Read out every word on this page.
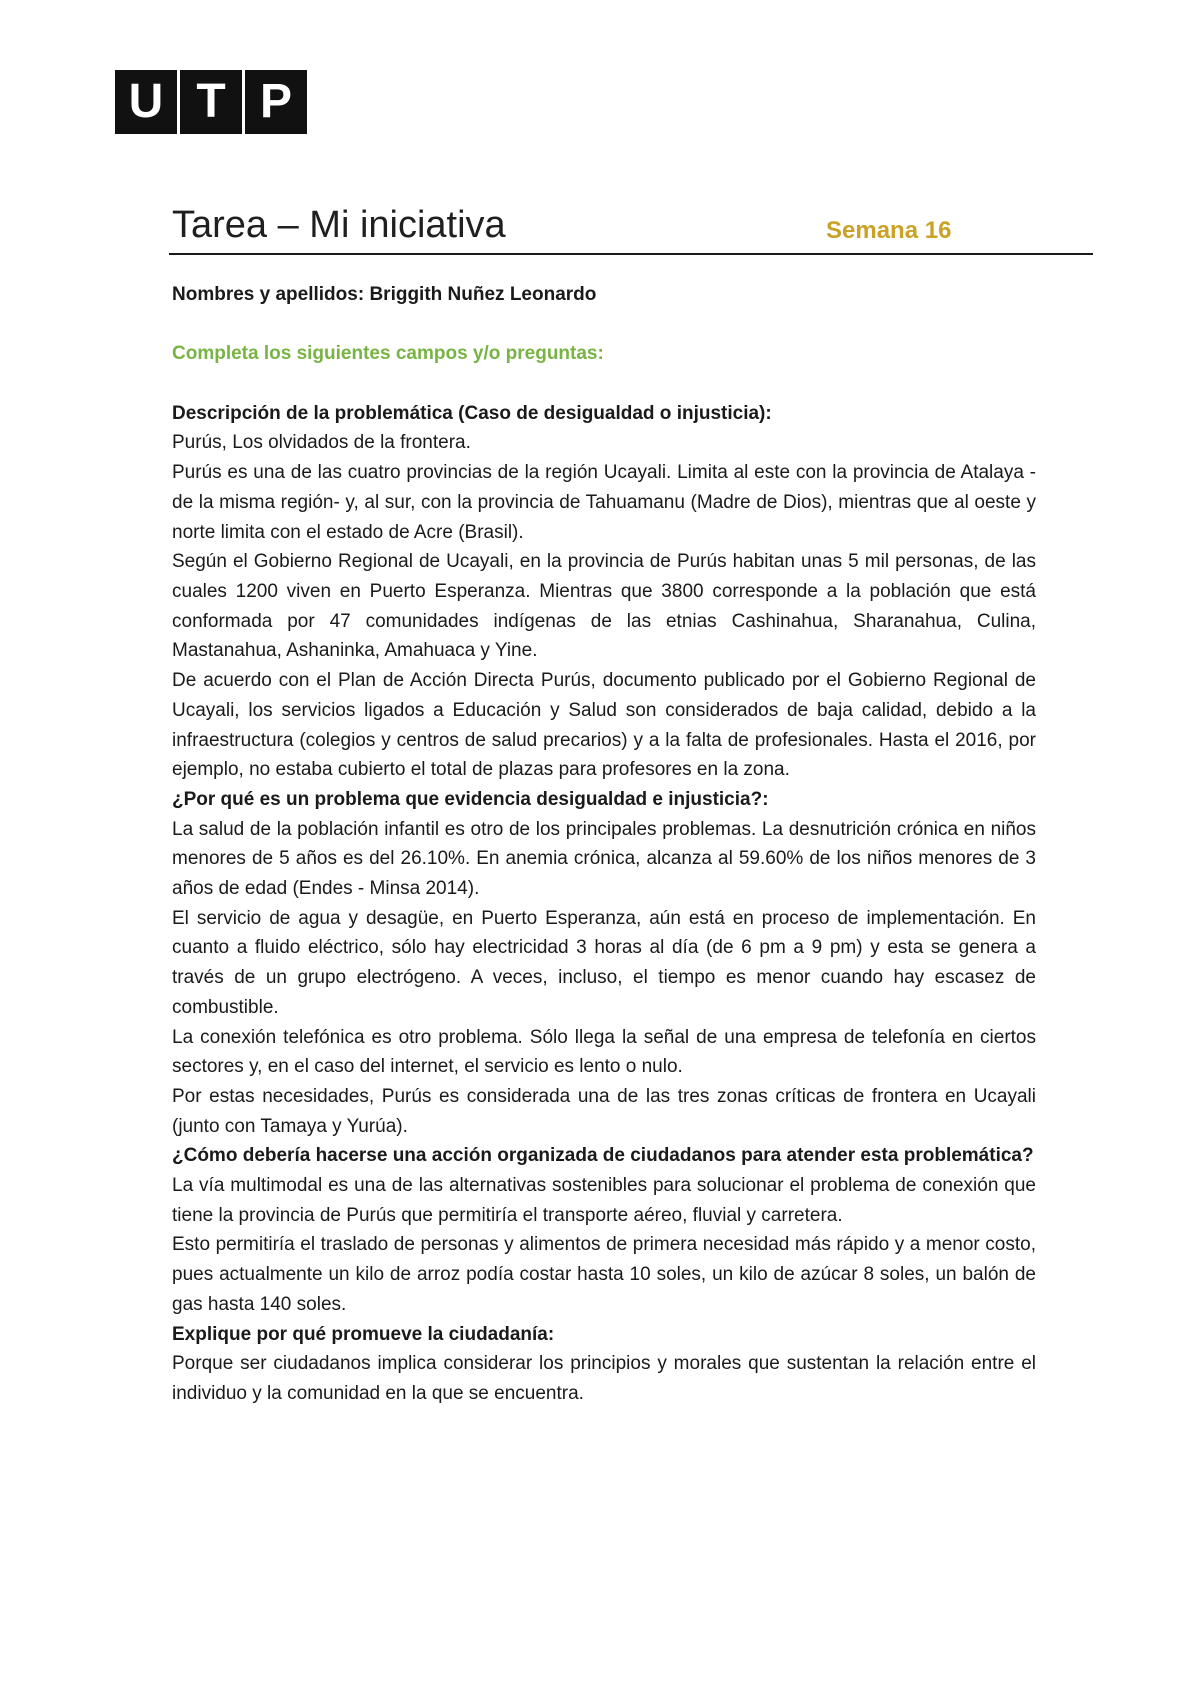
U T P
Tarea – Mi iniciativa	Semana 16

Nombres y apellidos: Briggith Nuñez Leonardo

Completa los siguientes campos y/o preguntas:

Descripción de la problemática (Caso de desigualdad o injusticia):

Purús, Los olvidados de la frontera.

Purús es una de las cuatro provincias de la región Ucayali. Limita al este con la provincia de Atalaya -de la misma región- y, al sur, con la provincia de Tahuamanu (Madre de Dios), mientras que al oeste y norte limita con el estado de Acre (Brasil).

Según el Gobierno Regional de Ucayali, en la provincia de Purús habitan unas 5 mil personas, de las cuales 1200 viven en Puerto Esperanza. Mientras que 3800 corresponde a la población que está conformada por 47 comunidades indígenas de las etnias Cashinahua, Sharanahua, Culina, Mastanahua, Ashaninka, Amahuaca y Yine.

De acuerdo con el Plan de Acción Directa Purús, documento publicado por el Gobierno Regional de Ucayali, los servicios ligados a Educación y Salud son considerados de baja calidad, debido a la infraestructura (colegios y centros de salud precarios) y a la falta de profesionales. Hasta el 2016, por ejemplo, no estaba cubierto el total de plazas para profesores en la zona.

¿Por qué es un problema que evidencia desigualdad e injusticia?:

La salud de la población infantil es otro de los principales problemas. La desnutrición crónica en niños menores de 5 años es del 26.10%. En anemia crónica, alcanza al 59.60% de los niños menores de 3 años de edad (Endes - Minsa 2014).

El servicio de agua y desagüe, en Puerto Esperanza, aún está en proceso de implementación. En cuanto a fluido eléctrico, sólo hay electricidad 3 horas al día (de 6 pm a 9 pm) y esta se genera a través de un grupo electrógeno. A veces, incluso, el tiempo es menor cuando hay escasez de combustible.

La conexión telefónica es otro problema. Sólo llega la señal de una empresa de telefonía en ciertos sectores y, en el caso del internet, el servicio es lento o nulo.

Por estas necesidades, Purús es considerada una de las tres zonas críticas de frontera en Ucayali (junto con Tamaya y Yurúa).

¿Cómo debería hacerse una acción organizada de ciudadanos para atender esta problemática?

La vía multimodal es una de las alternativas sostenibles para solucionar el problema de conexión que tiene la provincia de Purús que permitiría el transporte aéreo, fluvial y carretera.

Esto permitiría el traslado de personas y alimentos de primera necesidad más rápido y a menor costo, pues actualmente un kilo de arroz podía costar hasta 10 soles, un kilo de azúcar 8 soles, un balón de gas hasta 140 soles.

Explique por qué promueve la ciudadanía:

Porque ser ciudadanos implica considerar los principios y morales que sustentan la relación entre el individuo y la comunidad en la que se encuentra.
